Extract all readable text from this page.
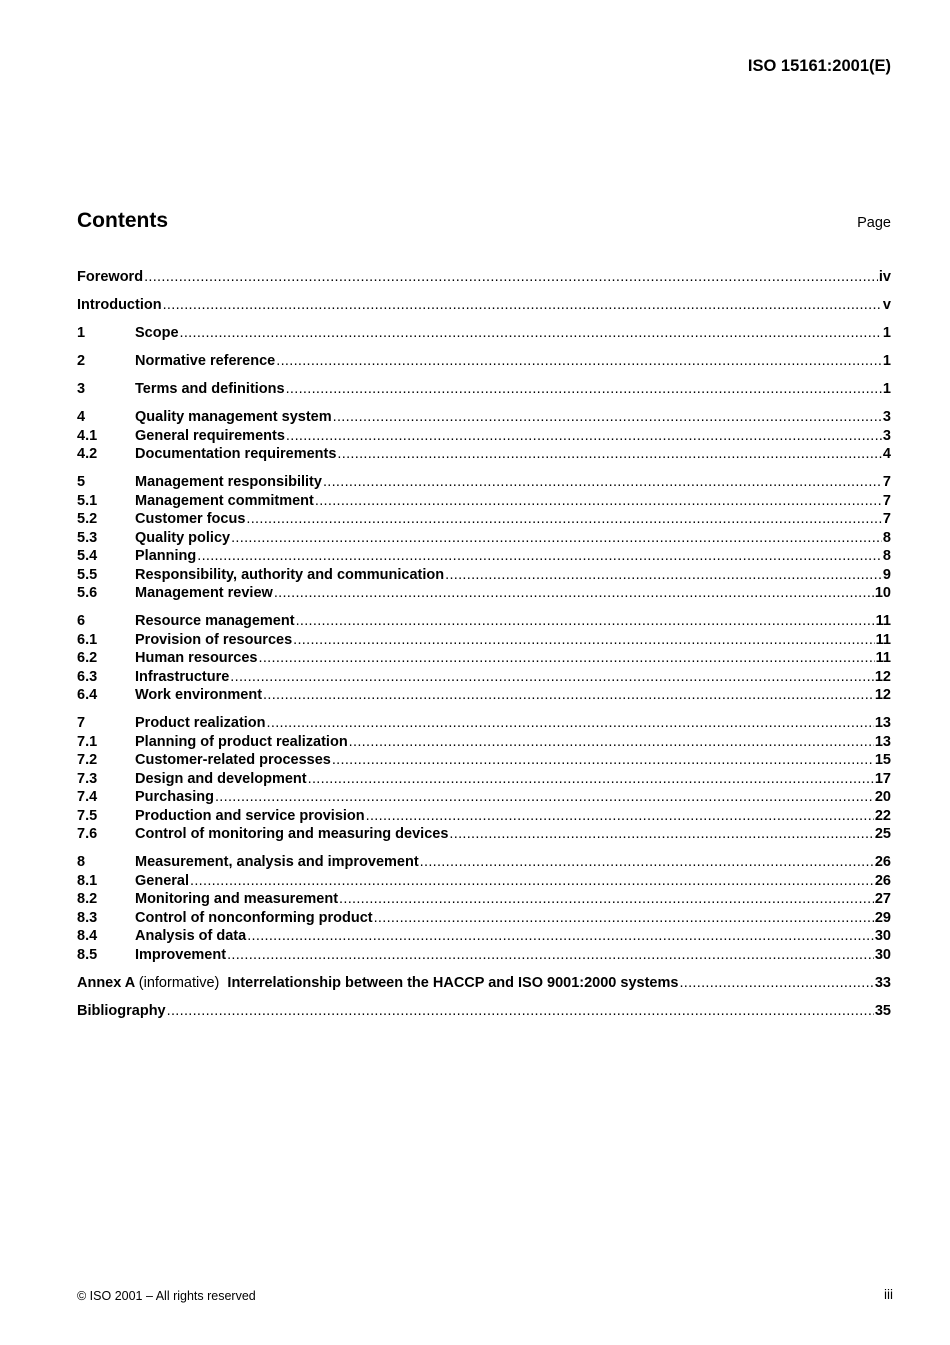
ISO 15161:2001(E)
Contents	Page
Foreword .....	iv
Introduction .....	v
1	Scope .....	1
2	Normative reference .....	1
3	Terms and definitions .....	1
4	Quality management system .....	3
4.1	General requirements .....	3
4.2	Documentation requirements .....	4
5	Management responsibility .....	7
5.1	Management commitment .....	7
5.2	Customer focus .....	7
5.3	Quality policy .....	8
5.4	Planning .....	8
5.5	Responsibility, authority and communication .....	9
5.6	Management review .....	10
6	Resource management .....	11
6.1	Provision of resources .....	11
6.2	Human resources .....	11
6.3	Infrastructure .....	12
6.4	Work environment .....	12
7	Product realization .....	13
7.1	Planning of product realization .....	13
7.2	Customer-related processes .....	15
7.3	Design and development .....	17
7.4	Purchasing .....	20
7.5	Production and service provision .....	22
7.6	Control of monitoring and measuring devices .....	25
8	Measurement, analysis and improvement .....	26
8.1	General .....	26
8.2	Monitoring and measurement .....	27
8.3	Control of nonconforming product .....	29
8.4	Analysis of data .....	30
8.5	Improvement .....	30
Annex A (informative) Interrelationship between the HACCP and ISO 9001:2000 systems .....	33
Bibliography .....	35
© ISO 2001 – All rights reserved	iii
